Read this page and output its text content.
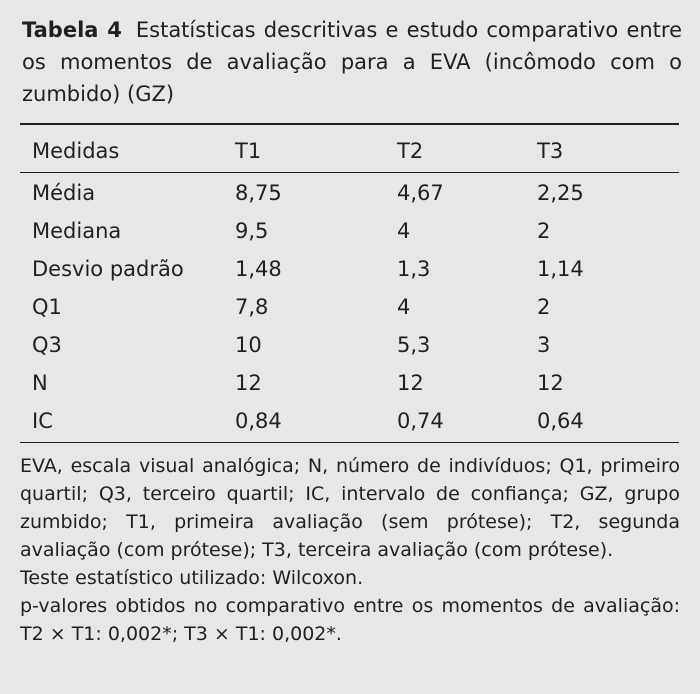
Tabela 4 Estatísticas descritivas e estudo comparativo entre os momentos de avaliação para a EVA (incômodo com o zumbido) (GZ)
Medidas	T1	T2	T3
Média	8,75	4,67	2,25
Mediana	9,5	4	2
Desvio padrão	1,48	1,3	1,14
Q1	7,8	4	2
Q3	10	5,3	3
N	12	12	12
IC	0,84	0,74	0,64

EVA, escala visual analógica; N, número de indivíduos; Q1, primeiro quartil; Q3, terceiro quartil; IC, intervalo de confiança; GZ, grupo zumbido; T1, primeira avaliação (sem prótese); T2, segunda avaliação (com prótese); T3, terceira avaliação (com prótese).

Teste estatístico utilizado: Wilcoxon.

p-valores obtidos no comparativo entre os momentos de avaliação: T2 × T1: 0,002*; T3 × T1: 0,002*.
